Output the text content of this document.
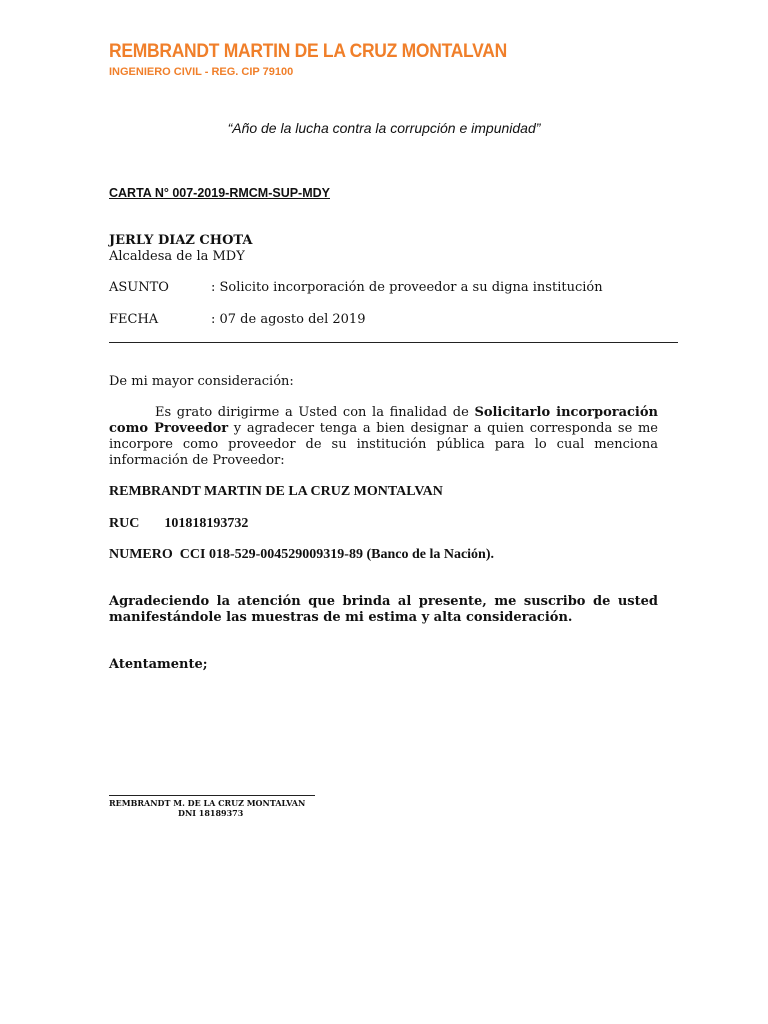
REMBRANDT MARTIN DE LA CRUZ MONTALVAN
INGENIERO CIVIL - REG. CIP 79100
“Año de la lucha contra la corrupción e impunidad”
CARTA N° 007-2019-RMCM-SUP-MDY
JERLY DIAZ CHOTA
Alcaldesa de la MDY
ASUNTO	: Solicito incorporación de proveedor a su digna institución
FECHA	: 07 de agosto del 2019
De mi mayor consideración:
Es grato dirigirme a Usted con la finalidad de Solicitarlo incorporación como Proveedor y agradecer tenga a bien designar a quien corresponda se me incorpore como proveedor de su institución pública para lo cual menciona información de Proveedor:
REMBRANDT MARTIN DE LA CRUZ MONTALVAN
RUC 101818193732
NUMERO  CCI 018-529-004529009319-89 (Banco de la Nación).
Agradeciendo la atención que brinda al presente, me suscribo de usted manifestándole las muestras de mi estima y alta consideración.
Atentamente;
REMBRANDT M. DE LA CRUZ MONTALVAN
DNI 18189373
